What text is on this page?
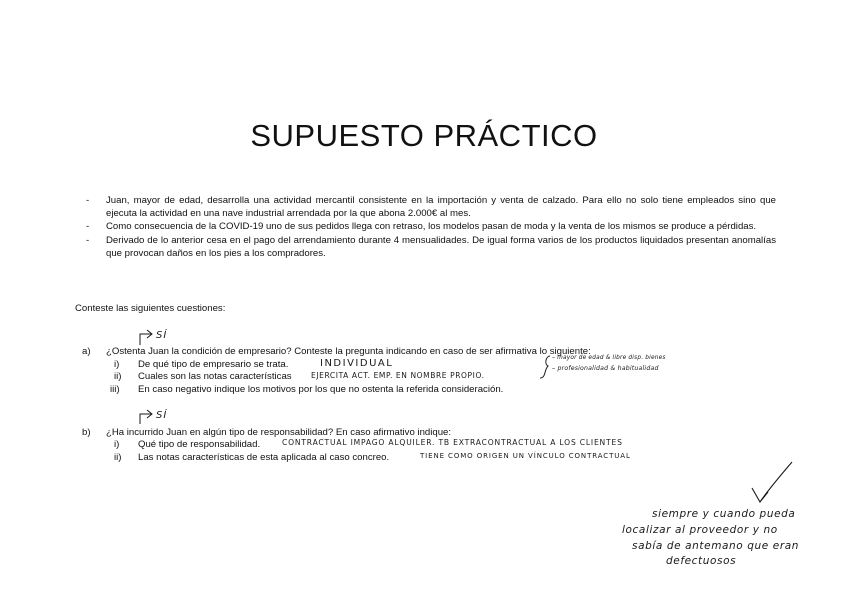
SUPUESTO PRÁCTICO
-	Juan, mayor de edad, desarrolla una actividad mercantil consistente en la importación y venta de calzado. Para ello no solo tiene empleados sino que ejecuta la actividad en una nave industrial arrendada por la que abona 2.000€ al mes.
-	Como consecuencia de la COVID-19 uno de sus pedidos llega con retraso, los modelos pasan de moda y la venta de los mismos se produce a pérdidas.
-	Derivado de lo anterior cesa en el pago del arrendamiento durante 4 mensualidades. De igual forma varios de los productos liquidados presentan anomalías que provocan daños en los pies a los compradores.
Conteste las siguientes cuestiones:
a) ¿Ostenta Juan la condición de empresario? Conteste la pregunta indicando en caso de ser afirmativa lo siguiente:
i) De qué tipo de empresario se trata.
ii) Cuales son las notas características
iii) En caso negativo indique los motivos por los que no ostenta la referida consideración.
b) ¿Ha incurrido Juan en algún tipo de responsabilidad? En caso afirmativo indique:
i) Qué tipo de responsabilidad.
ii) Las notas características de esta aplicada al caso concreo.
SÍ
INDIVIDUAL
EJERCITA ACT. EMP. EN NOMBRE PROPIO.
– mayor de edad & libre disp. bienes
– profesionalidad & habitualidad
SÍ
CONTRACTUAL IMPAGO ALQUILER. TB EXTRACONTRACTUAL A LOS CLIENTES
TIENE COMO ORIGEN UN VÍNCULO CONTRACTUAL
siempre y cuando pueda
localizar al proveedor y no
sabía de antemano que eran
defectuosos
